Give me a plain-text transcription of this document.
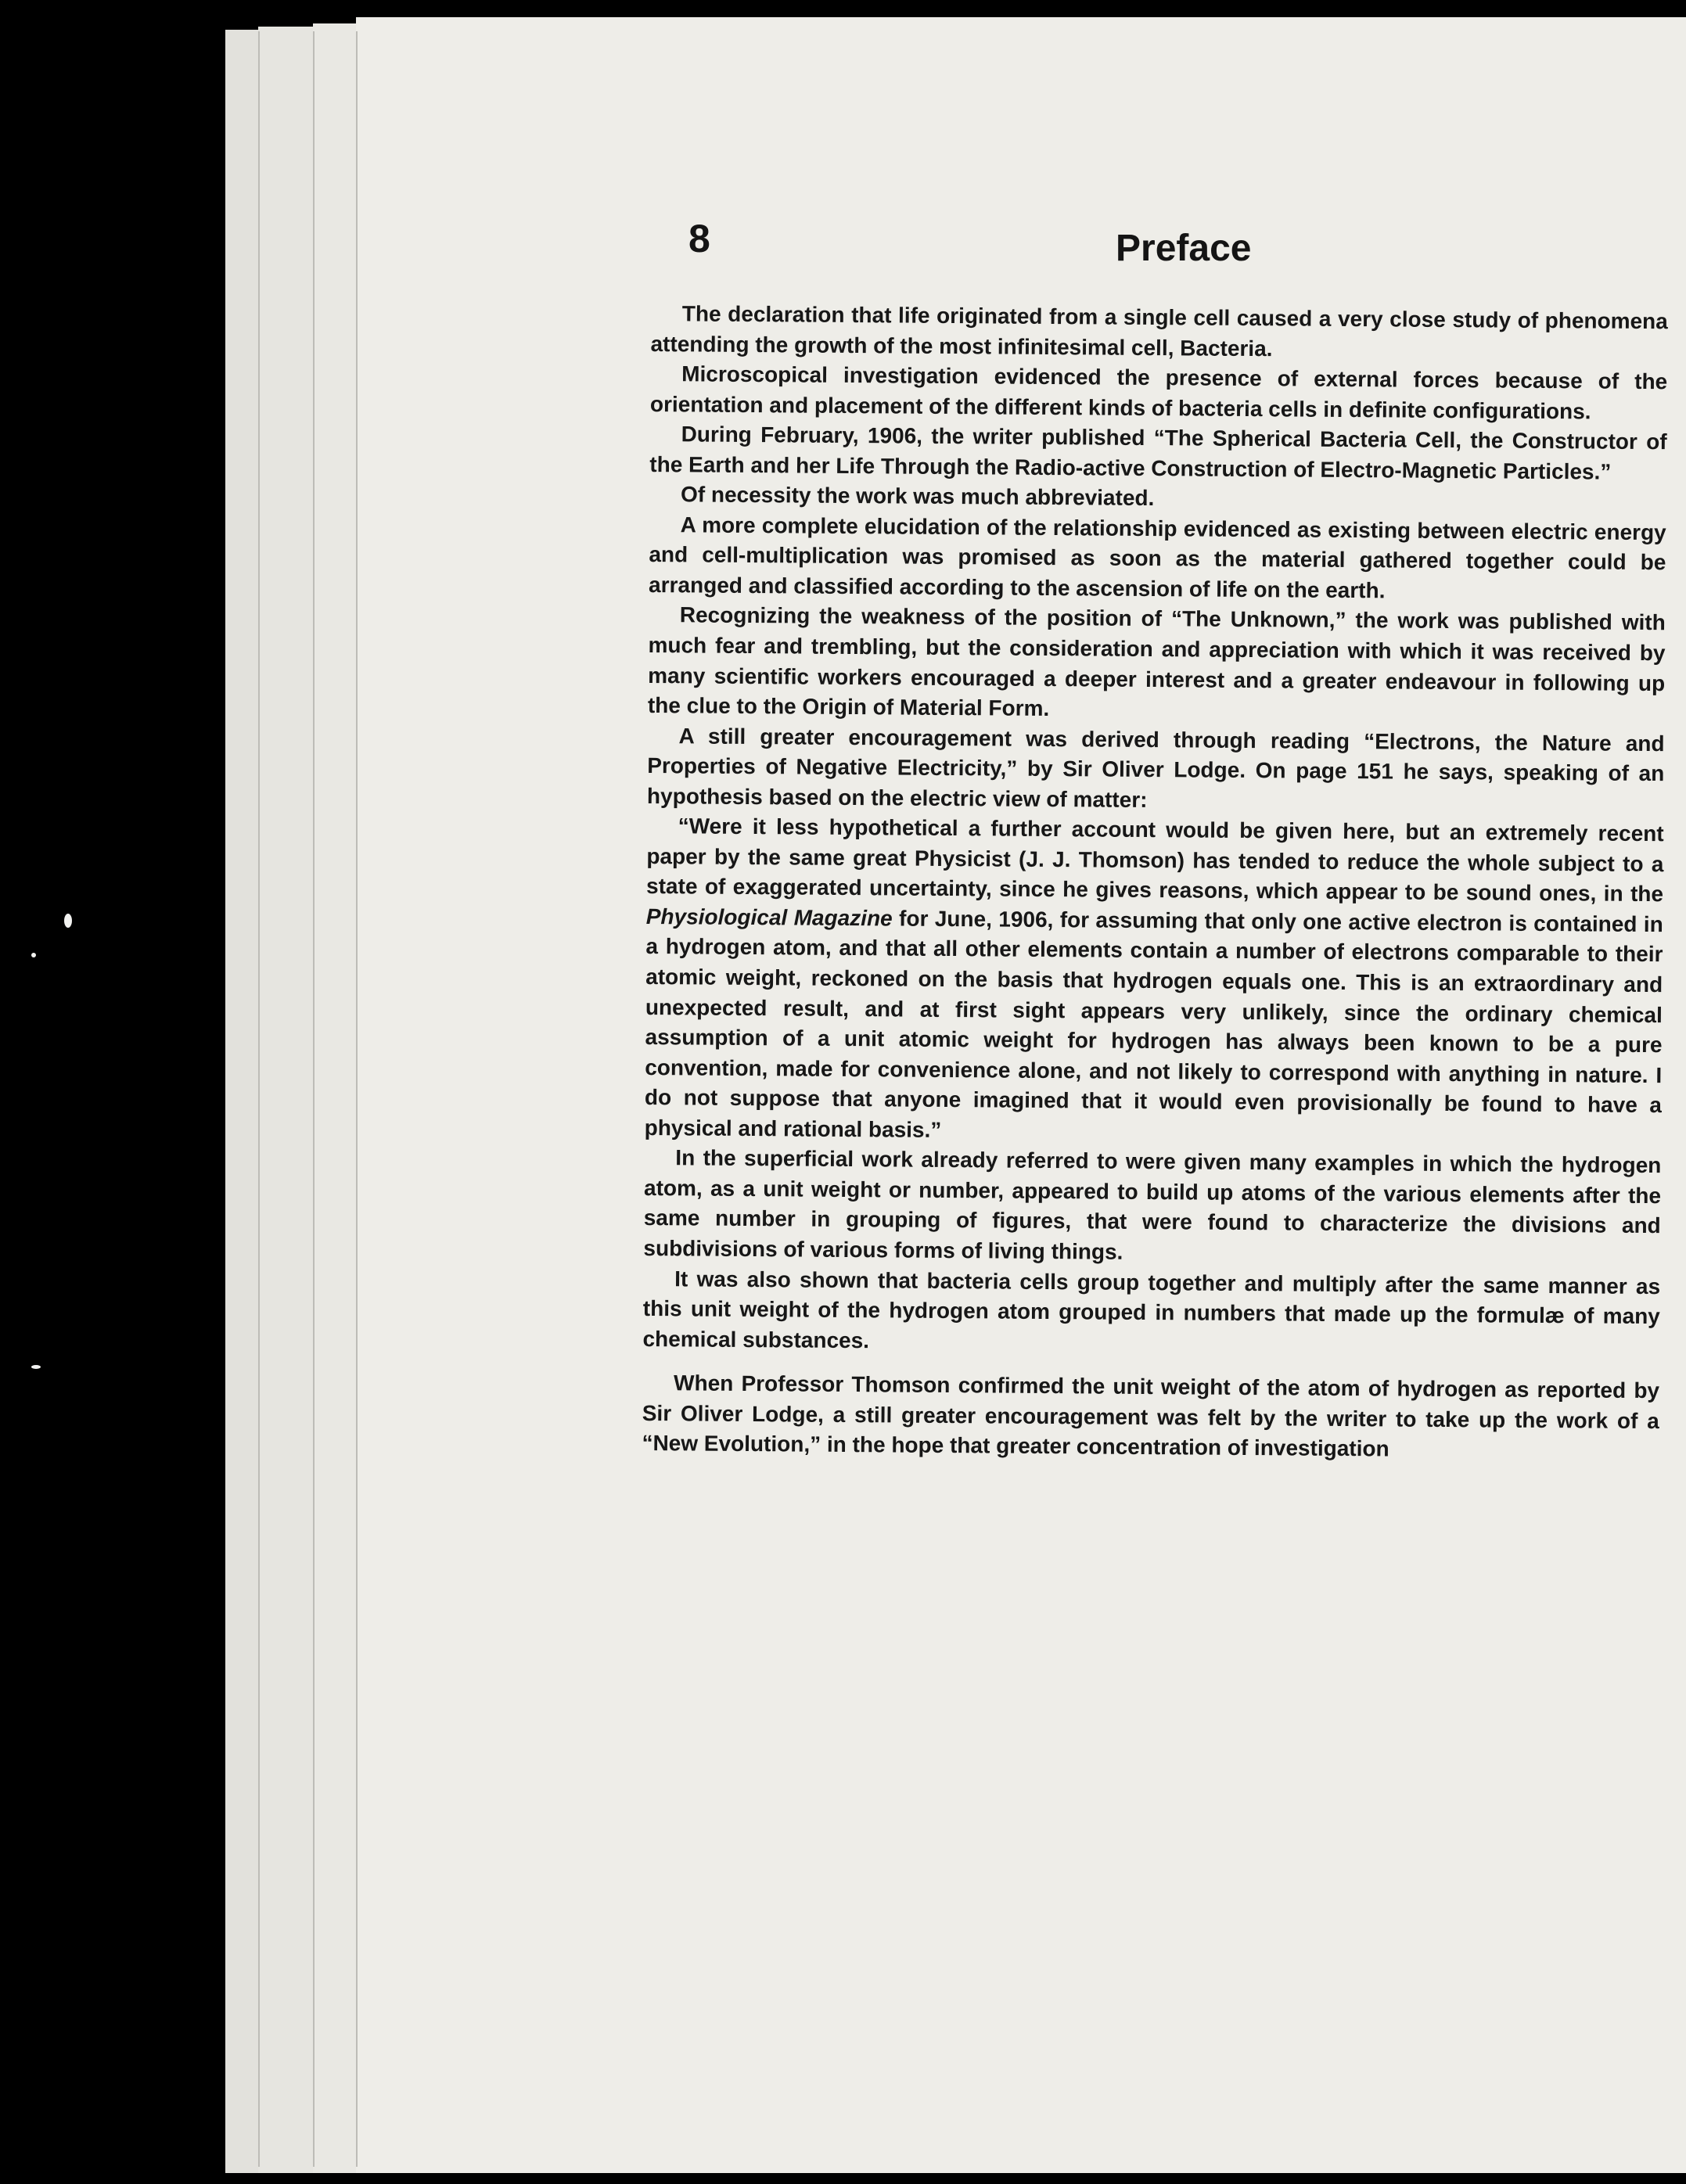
8	Preface

The declaration that life originated from a single cell caused a very close study of phenomena attending the growth of the most infinitesimal cell, Bacteria.

Microscopical investigation evidenced the presence of external forces because of the orientation and placement of the different kinds of bacteria cells in definite configurations.

During February, 1906, the writer published “The Spherical Bacteria Cell, the Constructor of the Earth and her Life Through the Radio-active Construction of Electro-Magnetic Particles.”

Of necessity the work was much abbreviated.

A more complete elucidation of the relationship evidenced as existing between electric energy and cell-multiplication was promised as soon as the material gathered together could be arranged and classified according to the ascension of life on the earth.

Recognizing the weakness of the position of “The Unknown,” the work was published with much fear and trembling, but the consideration and appreciation with which it was received by many scientific workers encouraged a deeper interest and a greater endeavour in following up the clue to the Origin of Material Form.

A still greater encouragement was derived through reading “Electrons, the Nature and Properties of Negative Electricity,” by Sir Oliver Lodge. On page 151 he says, speaking of an hypothesis based on the electric view of matter:

“Were it less hypothetical a further account would be given here, but an extremely recent paper by the same great Physicist (J. J. Thomson) has tended to reduce the whole subject to a state of exaggerated uncertainty, since he gives reasons, which appear to be sound ones, in the Physiological Magazine for June, 1906, for assuming that only one active electron is contained in a hydrogen atom, and that all other elements contain a number of electrons comparable to their atomic weight, reckoned on the basis that hydrogen equals one. This is an extraordinary and unexpected result, and at first sight appears very unlikely, since the ordinary chemical assumption of a unit atomic weight for hydrogen has always been known to be a pure convention, made for convenience alone, and not likely to correspond with anything in nature. I do not suppose that anyone imagined that it would even provisionally be found to have a physical and rational basis.”

In the superficial work already referred to were given many examples in which the hydrogen atom, as a unit weight or number, appeared to build up atoms of the various elements after the same number in grouping of figures, that were found to characterize the divisions and subdivisions of various forms of living things.

It was also shown that bacteria cells group together and multiply after the same manner as this unit weight of the hydrogen atom grouped in numbers that made up the formulæ of many chemical substances.

When Professor Thomson confirmed the unit weight of the atom of hydrogen as reported by Sir Oliver Lodge, a still greater encouragement was felt by the writer to take up the work of a “New Evolution,” in the hope that greater concentration of investigation
